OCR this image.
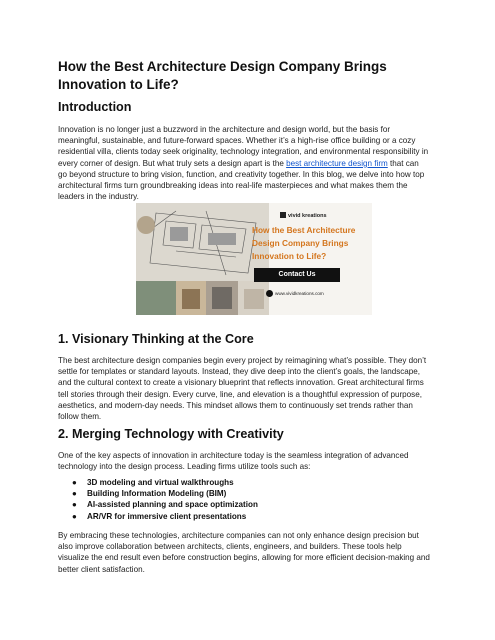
How the Best Architecture Design Company Brings Innovation to Life?
Introduction

Innovation is no longer just a buzzword in the architecture and design world, but the basis for meaningful, sustainable, and future-forward spaces. Whether it’s a high-rise office building or a cozy residential villa, clients today seek originality, technology integration, and environmental responsibility in every corner of design. But what truly sets a design apart is the best architecture design firm that can go beyond structure to bring vision, function, and creativity together. In this blog, we delve into how top architectural firms turn groundbreaking ideas into real-life masterpieces and what makes them the leaders in the industry.

vivid kreations
How the Best Architecture Design Company Brings Innovation to Life?
Contact Us
www.vividkreations.com
1. Visionary Thinking at the Core

The best architecture design companies begin every project by reimagining what’s possible. They don’t settle for templates or standard layouts. Instead, they dive deep into the client’s goals, the landscape, and the cultural context to create a visionary blueprint that reflects innovation. Great architectural firms tell stories through their design. Every curve, line, and elevation is a thoughtful expression of purpose, aesthetics, and modern-day needs. This mindset allows them to continuously set trends rather than follow them.

2. Merging Technology with Creativity

One of the key aspects of innovation in architecture today is the seamless integration of advanced technology into the design process. Leading firms utilize tools such as:

● 3D modeling and virtual walkthroughs
● Building Information Modeling (BIM)
● AI-assisted planning and space optimization
● AR/VR for immersive client presentations

By embracing these technologies, architecture companies can not only enhance design precision but also improve collaboration between architects, clients, engineers, and builders. These tools help visualize the end result even before construction begins, allowing for more efficient decision-making and better client satisfaction.
